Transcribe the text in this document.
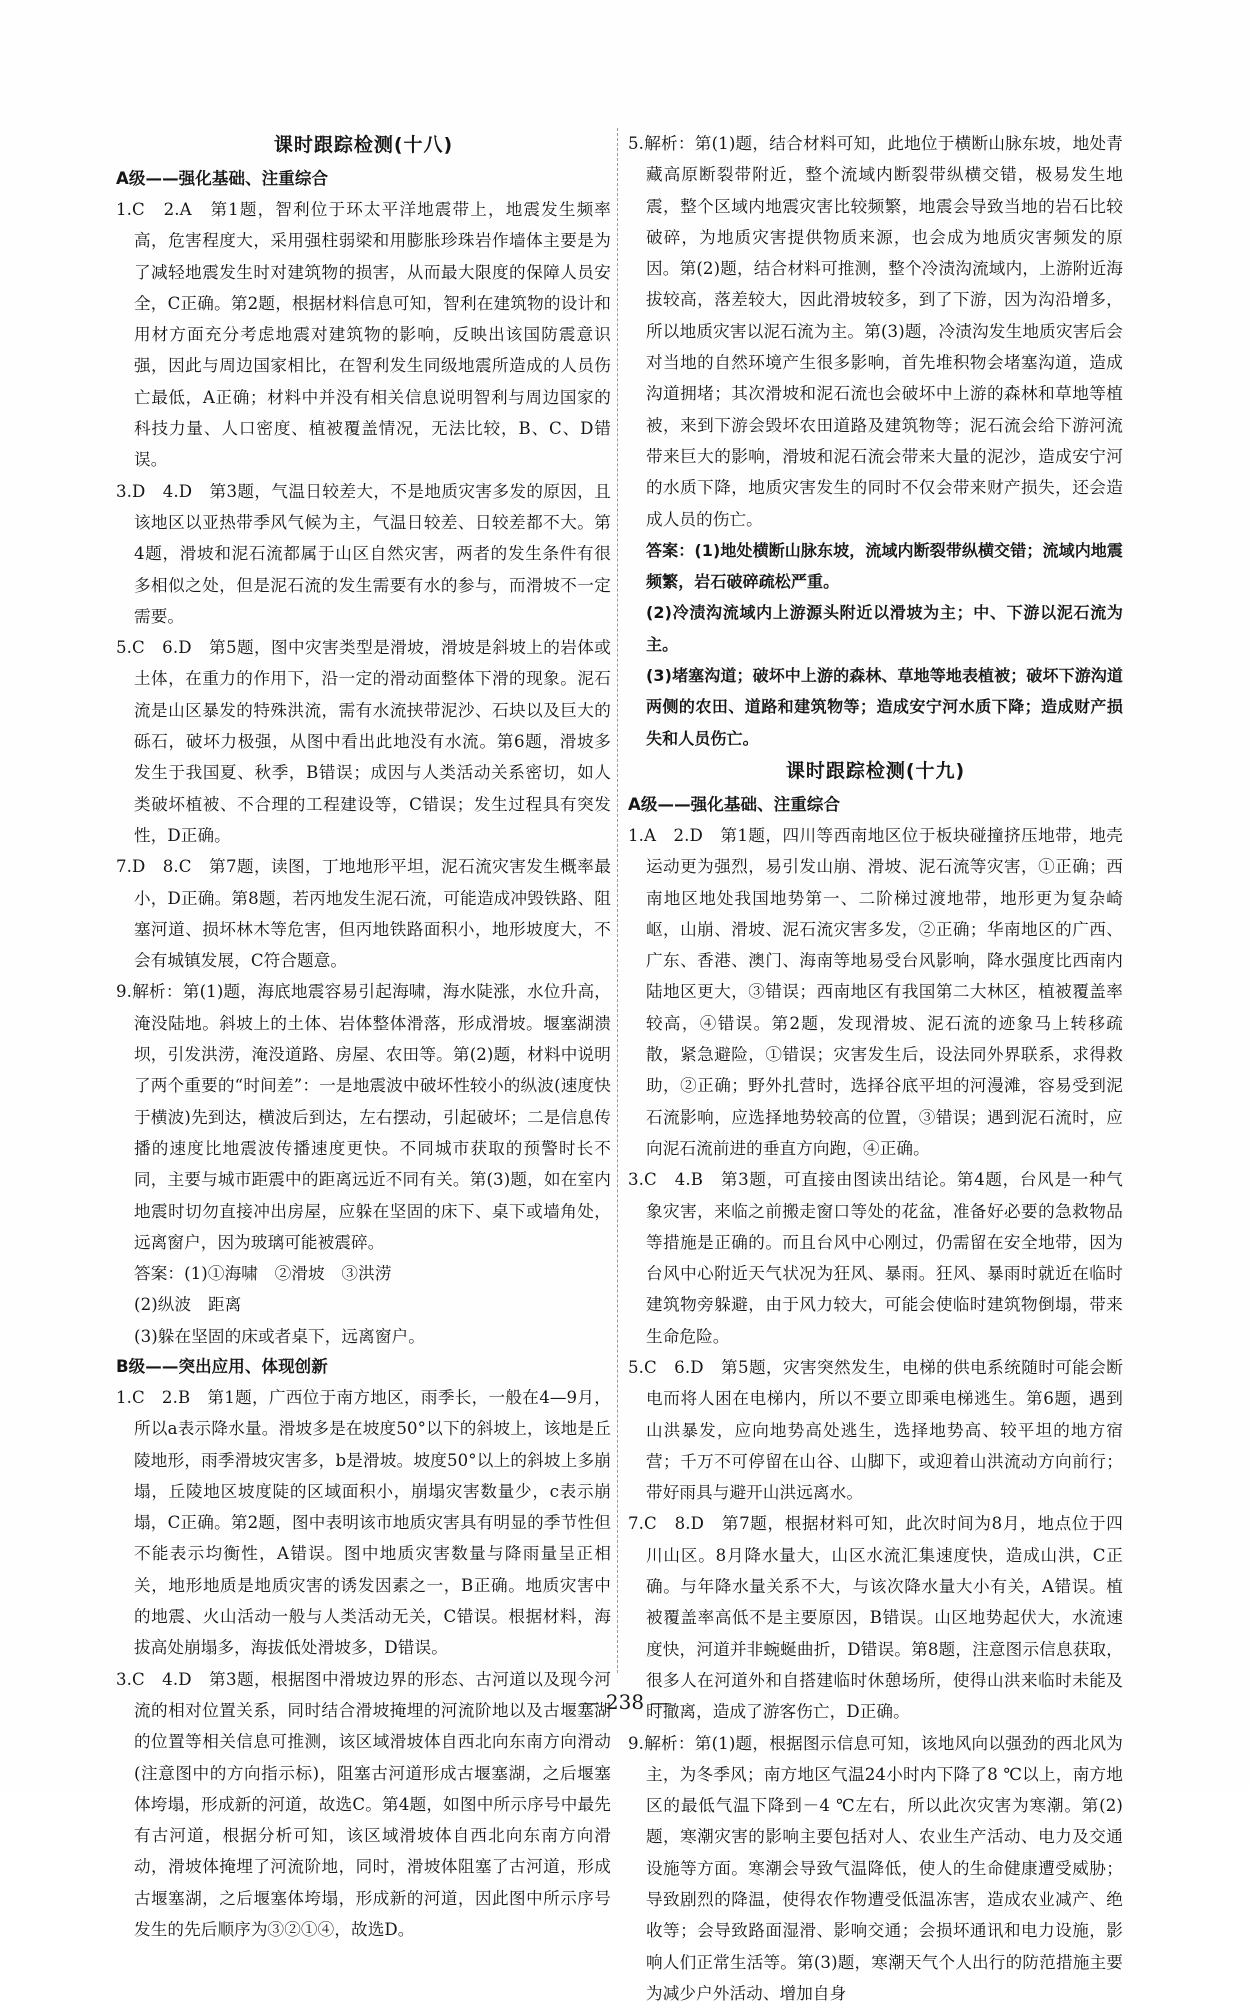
课时跟踪检测(十八)
A级——强化基础、注重综合

1.C　2.A　第1题，智利位于环太平洋地震带上，地震发生频率高，危害程度大，采用强柱弱梁和用膨胀珍珠岩作墙体主要是为了减轻地震发生时对建筑物的损害，从而最大限度的保障人员安全，C正确。第2题，根据材料信息可知，智利在建筑物的设计和用材方面充分考虑地震对建筑物的影响，反映出该国防震意识强，因此与周边国家相比，在智利发生同级地震所造成的人员伤亡最低，A正确；材料中并没有相关信息说明智利与周边国家的科技力量、人口密度、植被覆盖情况，无法比较，B、C、D错误。

3.D　4.D　第3题，气温日较差大，不是地质灾害多发的原因，且该地区以亚热带季风气候为主，气温日较差、日较差都不大。第4题，滑坡和泥石流都属于山区自然灾害，两者的发生条件有很多相似之处，但是泥石流的发生需要有水的参与，而滑坡不一定需要。

5.C　6.D　第5题，图中灾害类型是滑坡，滑坡是斜坡上的岩体或土体，在重力的作用下，沿一定的滑动面整体下滑的现象。泥石流是山区暴发的特殊洪流，需有水流挟带泥沙、石块以及巨大的砾石，破坏力极强，从图中看出此地没有水流。第6题，滑坡多发生于我国夏、秋季，B错误；成因与人类活动关系密切，如人类破坏植被、不合理的工程建设等，C错误；发生过程具有突发性，D正确。

7.D　8.C　第7题，读图，丁地地形平坦，泥石流灾害发生概率最小，D正确。第8题，若丙地发生泥石流，可能造成冲毁铁路、阻塞河道、损坏林木等危害，但丙地铁路面积小，地形坡度大，不会有城镇发展，C符合题意。

9.解析：第(1)题，海底地震容易引起海啸，海水陡涨，水位升高，淹没陆地。斜坡上的土体、岩体整体滑落，形成滑坡。堰塞湖溃坝，引发洪涝，淹没道路、房屋、农田等。第(2)题，材料中说明了两个重要的“时间差”：一是地震波中破坏性较小的纵波(速度快于横波)先到达，横波后到达，左右摆动，引起破坏；二是信息传播的速度比地震波传播速度更快。不同城市获取的预警时长不同，主要与城市距震中的距离远近不同有关。第(3)题，如在室内地震时切勿直接冲出房屋，应躲在坚固的床下、桌下或墙角处，远离窗户，因为玻璃可能被震碎。

答案：(1)①海啸　②滑坡　③洪涝

(2)纵波　距离

(3)躲在坚固的床或者桌下，远离窗户。

B级——突出应用、体现创新

1.C　2.B　第1题，广西位于南方地区，雨季长，一般在4—9月，所以a表示降水量。滑坡多是在坡度50°以下的斜坡上，该地是丘陵地形，雨季滑坡灾害多，b是滑坡。坡度50°以上的斜坡上多崩塌，丘陵地区坡度陡的区域面积小，崩塌灾害数量少，c表示崩塌，C正确。第2题，图中表明该市地质灾害具有明显的季节性但不能表示均衡性，A错误。图中地质灾害数量与降雨量呈正相关，地形地质是地质灾害的诱发因素之一，B正确。地质灾害中的地震、火山活动一般与人类活动无关，C错误。根据材料，海拔高处崩塌多，海拔低处滑坡多，D错误。

3.C　4.D　第3题，根据图中滑坡边界的形态、古河道以及现今河流的相对位置关系，同时结合滑坡掩埋的河流阶地以及古堰塞湖的位置等相关信息可推测，该区域滑坡体自西北向东南方向滑动(注意图中的方向指示标)，阻塞古河道形成古堰塞湖，之后堰塞体垮塌，形成新的河道，故选C。第4题，如图中所示序号中最先有古河道，根据分析可知，该区域滑坡体自西北向东南方向滑动，滑坡体掩埋了河流阶地，同时，滑坡体阻塞了古河道，形成古堰塞湖，之后堰塞体垮塌，形成新的河道，因此图中所示序号发生的先后顺序为③②①④，故选D。

5.解析：第(1)题，结合材料可知，此地位于横断山脉东坡，地处青藏高原断裂带附近，整个流域内断裂带纵横交错，极易发生地震，整个区域内地震灾害比较频繁，地震会导致当地的岩石比较破碎，为地质灾害提供物质来源，也会成为地质灾害频发的原因。第(2)题，结合材料可推测，整个冷渍沟流域内，上游附近海拔较高，落差较大，因此滑坡较多，到了下游，因为沟沿增多，所以地质灾害以泥石流为主。第(3)题，冷渍沟发生地质灾害后会对当地的自然环境产生很多影响，首先堆积物会堵塞沟道，造成沟道拥堵；其次滑坡和泥石流也会破坏中上游的森林和草地等植被，来到下游会毁坏农田道路及建筑物等；泥石流会给下游河流带来巨大的影响，滑坡和泥石流会带来大量的泥沙，造成安宁河的水质下降，地质灾害发生的同时不仅会带来财产损失，还会造成人员的伤亡。

答案：(1)地处横断山脉东坡，流域内断裂带纵横交错；流域内地震频繁，岩石破碎疏松严重。

(2)冷渍沟流域内上游源头附近以滑坡为主；中、下游以泥石流为主。

(3)堵塞沟道；破坏中上游的森林、草地等地表植被；破坏下游沟道两侧的农田、道路和建筑物等；造成安宁河水质下降；造成财产损失和人员伤亡。

课时跟踪检测(十九)
A级——强化基础、注重综合

1.A　2.D　第1题，四川等西南地区位于板块碰撞挤压地带，地壳运动更为强烈，易引发山崩、滑坡、泥石流等灾害，①正确；西南地区地处我国地势第一、二阶梯过渡地带，地形更为复杂崎岖，山崩、滑坡、泥石流灾害多发，②正确；华南地区的广西、广东、香港、澳门、海南等地易受台风影响，降水强度比西南内陆地区更大，③错误；西南地区有我国第二大林区，植被覆盖率较高，④错误。第2题，发现滑坡、泥石流的迹象马上转移疏散，紧急避险，①错误；灾害发生后，设法同外界联系，求得救助，②正确；野外扎营时，选择谷底平坦的河漫滩，容易受到泥石流影响，应选择地势较高的位置，③错误；遇到泥石流时，应向泥石流前进的垂直方向跑，④正确。

3.C　4.B　第3题，可直接由图读出结论。第4题，台风是一种气象灾害，来临之前搬走窗口等处的花盆，准备好必要的急救物品等措施是正确的。而且台风中心刚过，仍需留在安全地带，因为台风中心附近天气状况为狂风、暴雨。狂风、暴雨时就近在临时建筑物旁躲避，由于风力较大，可能会使临时建筑物倒塌，带来生命危险。

5.C　6.D　第5题，灾害突然发生，电梯的供电系统随时可能会断电而将人困在电梯内，所以不要立即乘电梯逃生。第6题，遇到山洪暴发，应向地势高处逃生，选择地势高、较平坦的地方宿营；千万不可停留在山谷、山脚下，或迎着山洪流动方向前行；带好雨具与避开山洪远离水。

7.C　8.D　第7题，根据材料可知，此次时间为8月，地点位于四川山区。8月降水量大，山区水流汇集速度快，造成山洪，C正确。与年降水量关系不大，与该次降水量大小有关，A错误。植被覆盖率高低不是主要原因，B错误。山区地势起伏大，水流速度快，河道并非蜿蜒曲折，D错误。第8题，注意图示信息获取，很多人在河道外和自搭建临时休憩场所，使得山洪来临时未能及时撤离，造成了游客伤亡，D正确。

9.解析：第(1)题，根据图示信息可知，该地风向以强劲的西北风为主，为冬季风；南方地区气温24小时内下降了8 ℃以上，南方地区的最低气温下降到－4 ℃左右，所以此次灾害为寒潮。第(2)题，寒潮灾害的影响主要包括对人、农业生产活动、电力及交通设施等方面。寒潮会导致气温降低，使人的生命健康遭受威胁；导致剧烈的降温，使得农作物遭受低温冻害，造成农业减产、绝收等；会导致路面湿滑、影响交通；会损坏通讯和电力设施，影响人们正常生活等。第(3)题，寒潮天气个人出行的防范措施主要为减少户外活动、增加自身

— 238 —
